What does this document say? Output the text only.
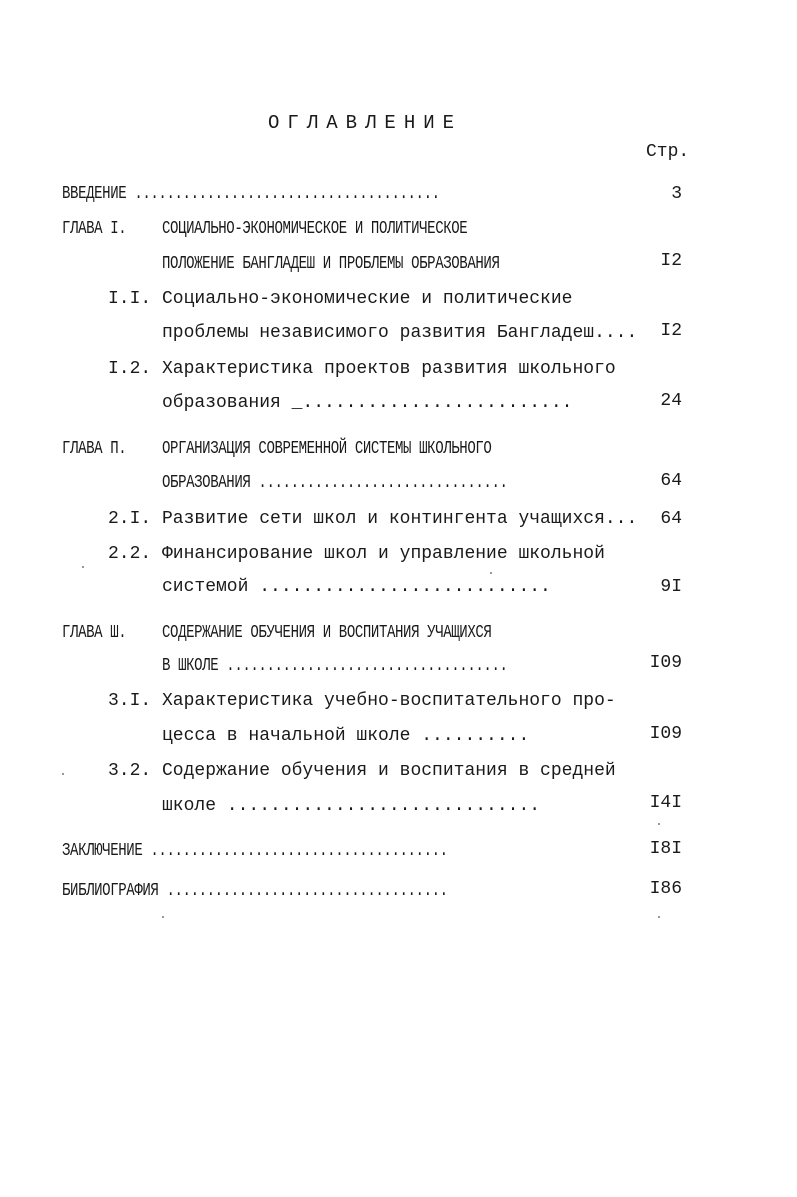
ОГЛАВЛЕНИЕ
Стр.
ВВЕДЕНИЕ ......................................	3
ГЛАВА I. СОЦИАЛЬНО-ЭКОНОМИЧЕСКОЕ И ПОЛИТИЧЕСКОЕ
ПОЛОЖЕНИЕ БАНГЛАДЕШ И ПРОБЛЕМЫ ОБРАЗОВАНИЯ	I2
I.I. Социально-экономические и политические
проблемы независимого развития Бангладеш....	I2
I.2. Характеристика проектов развития школьного
образования _.........................	24
ГЛАВА П. ОРГАНИЗАЦИЯ СОВРЕМЕННОЙ СИСТЕМЫ ШКОЛЬНОГО
ОБРАЗОВАНИЯ ...............................	64
2.I. Развитие сети школ и контингента учащихся...	64
2.2. Финансирование школ и управление школьной
системой ...........................	9I
ГЛАВА Ш. СОДЕРЖАНИЕ ОБУЧЕНИЯ И ВОСПИТАНИЯ УЧАЩИХСЯ
В ШКОЛЕ ...................................	I09
3.I. Характеристика учебно-воспитательного про-
цесса в начальной школе ..........	I09
3.2. Содержание обучения и воспитания в средней
школе .............................	I4I
ЗАКЛЮЧЕНИЕ .....................................	I8I
БИБЛИОГРАФИЯ ...................................	I86
